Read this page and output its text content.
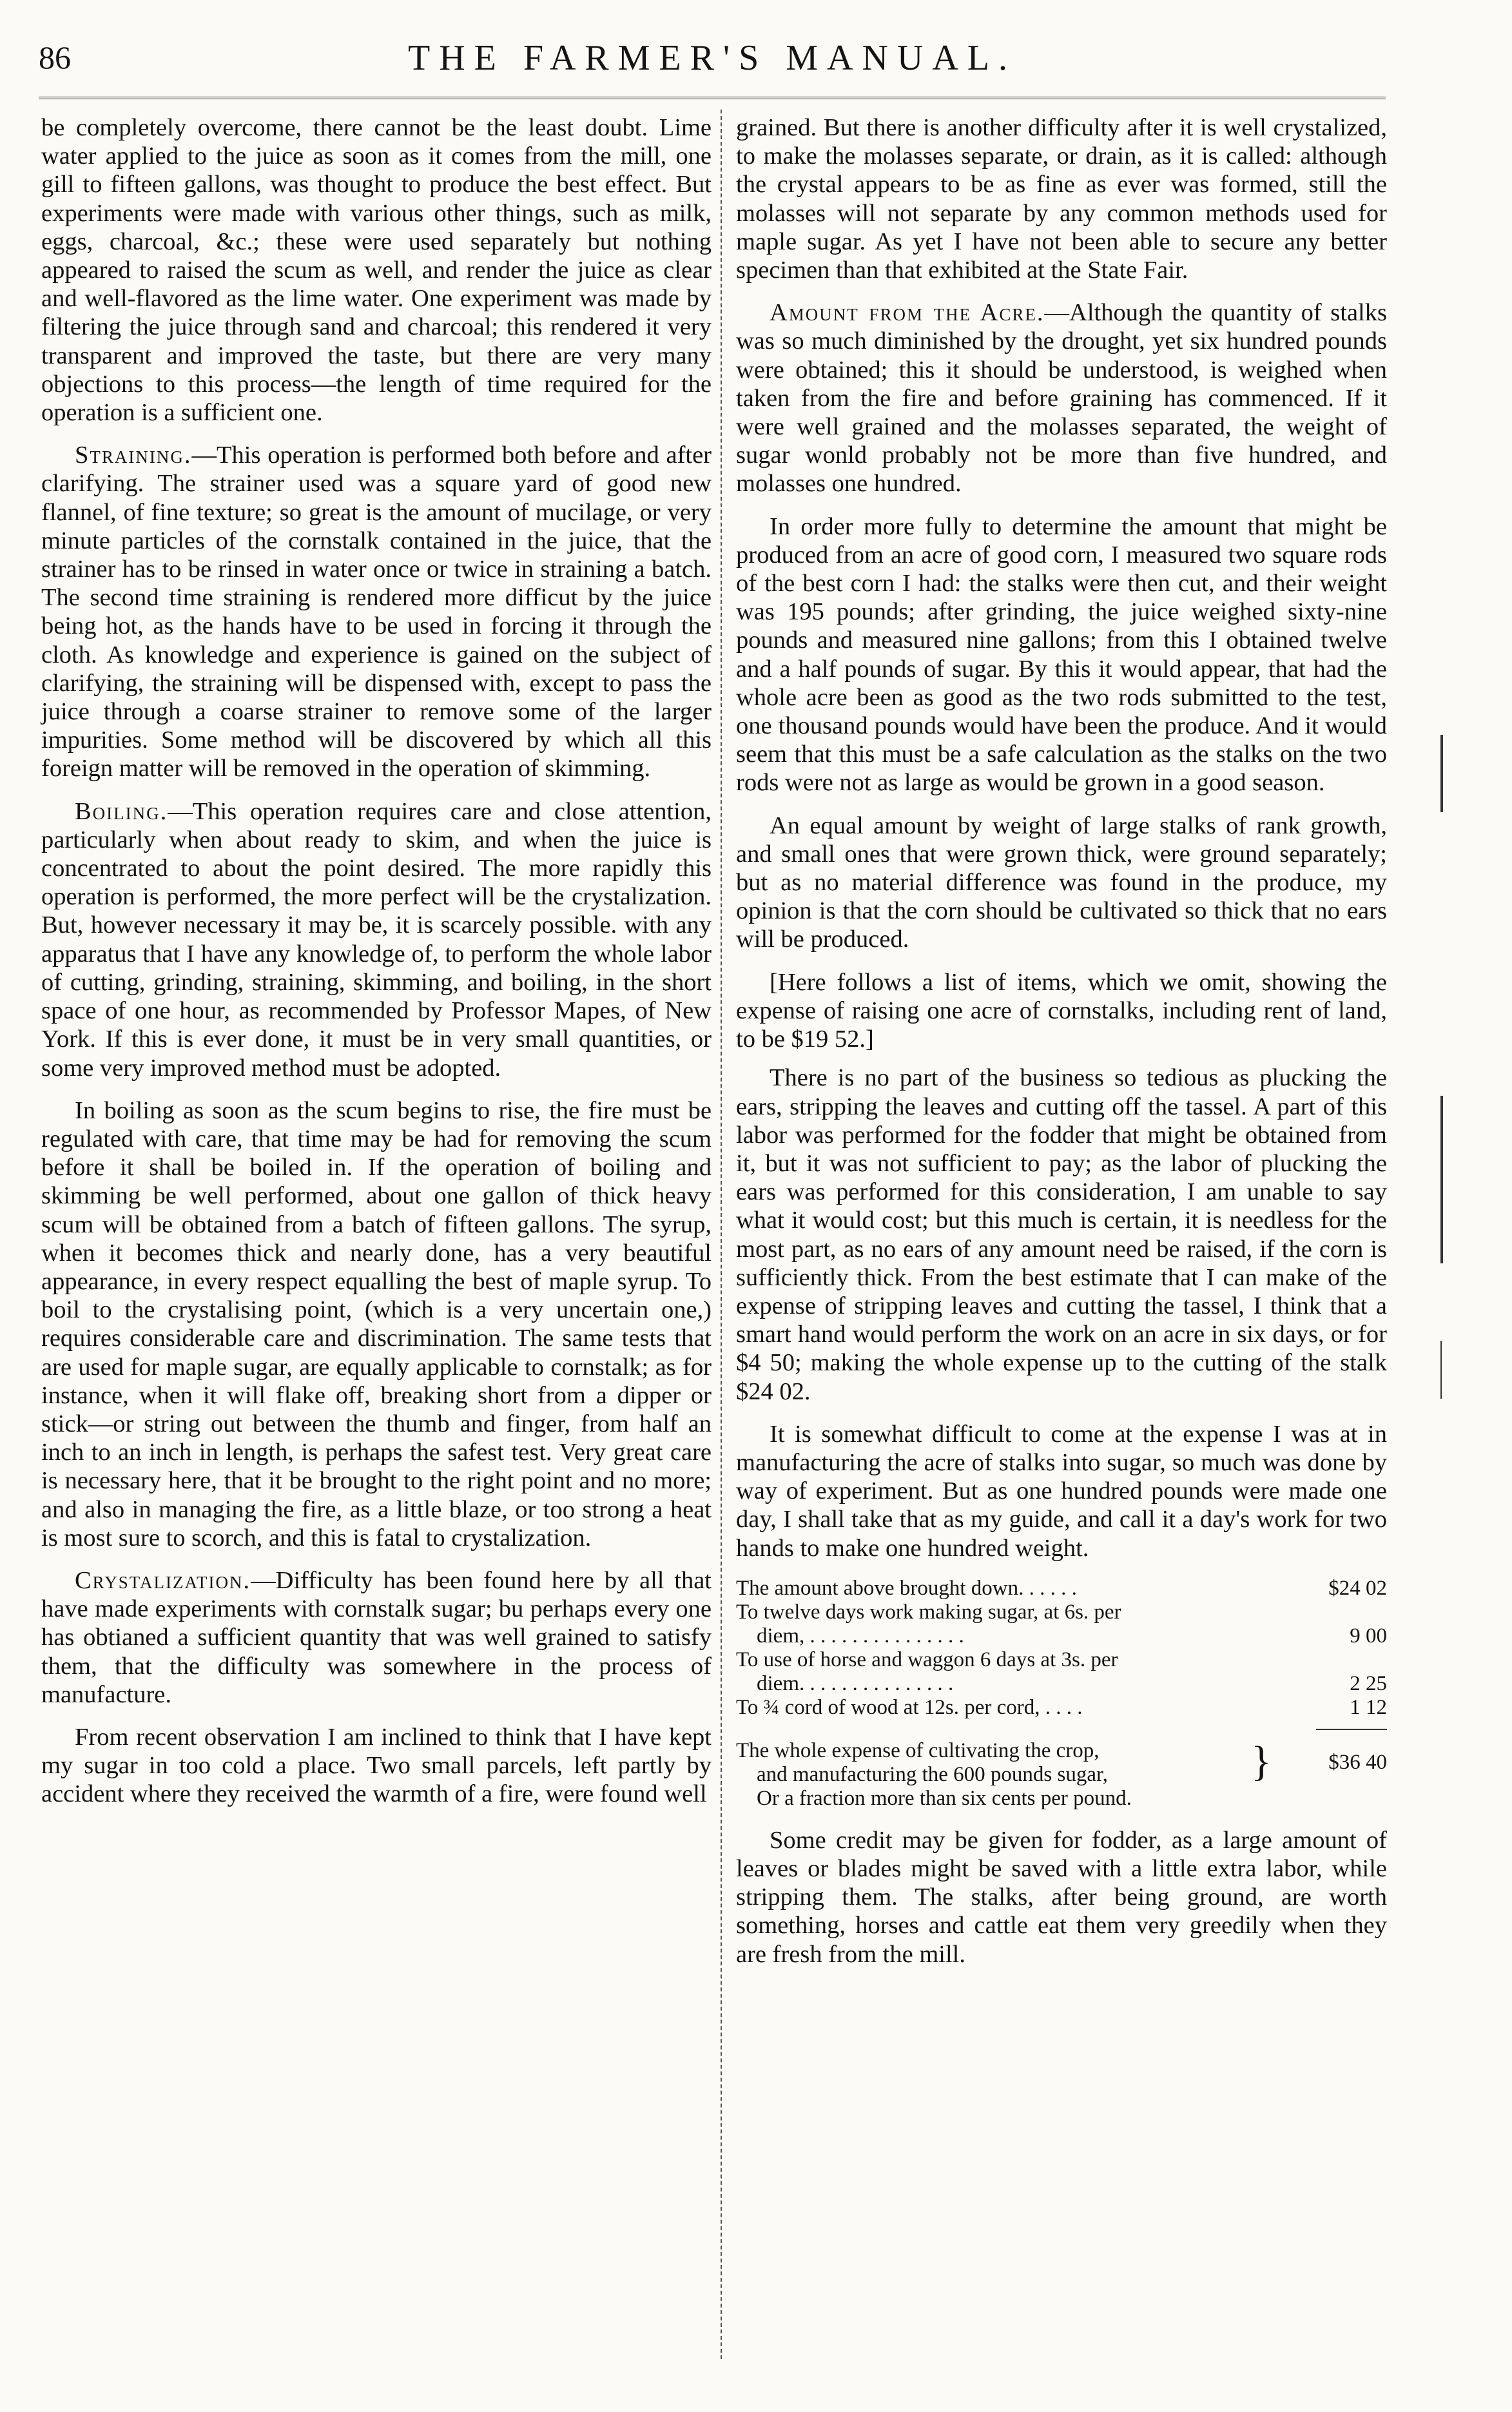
86	THE FARMER'S MANUAL.

be completely overcome, there cannot be the least doubt. Lime water applied to the juice as soon as it comes from the mill, one gill to fifteen gallons, was thought to produce the best effect. But experiments were made with various other things, such as milk, eggs, charcoal, &c.; these were used separately but nothing appeared to raised the scum as well, and render the juice as clear and well-flavored as the lime water. One experiment was made by filtering the juice through sand and charcoal; this rendered it very transparent and improved the taste, but there are very many objections to this process—the length of time required for the operation is a sufficient one.

Straining.—This operation is performed both before and after clarifying. The strainer used was a square yard of good new flannel, of fine texture; so great is the amount of mucilage, or very minute particles of the cornstalk contained in the juice, that the strainer has to be rinsed in water once or twice in straining a batch. The second time straining is rendered more difficut by the juice being hot, as the hands have to be used in forcing it through the cloth. As knowledge and experience is gained on the subject of clarifying, the straining will be dispensed with, except to pass the juice through a coarse strainer to remove some of the larger impurities. Some method will be discovered by which all this foreign matter will be removed in the operation of skimming.

Boiling.—This operation requires care and close attention, particularly when about ready to skim, and when the juice is concentrated to about the point desired. The more rapidly this operation is performed, the more perfect will be the crystalization. But, however necessary it may be, it is scarcely possible. with any apparatus that I have any knowledge of, to perform the whole labor of cutting, grinding, straining, skimming, and boiling, in the short space of one hour, as recommended by Professor Mapes, of New York. If this is ever done, it must be in very small quantities, or some very improved method must be adopted.

In boiling as soon as the scum begins to rise, the fire must be regulated with care, that time may be had for removing the scum before it shall be boiled in. If the operation of boiling and skimming be well performed, about one gallon of thick heavy scum will be obtained from a batch of fifteen gallons. The syrup, when it becomes thick and nearly done, has a very beautiful appearance, in every respect equalling the best of maple syrup. To boil to the crystalising point, (which is a very uncertain one,) requires considerable care and discrimination. The same tests that are used for maple sugar, are equally applicable to cornstalk; as for instance, when it will flake off, breaking short from a dipper or stick—or string out between the thumb and finger, from half an inch to an inch in length, is perhaps the safest test. Very great care is necessary here, that it be brought to the right point and no more; and also in managing the fire, as a little blaze, or too strong a heat is most sure to scorch, and this is fatal to crystalization.

Crystalization.—Difficulty has been found here by all that have made experiments with cornstalk sugar; bu perhaps every one has obtianed a sufficient quantity that was well grained to satisfy them, that the difficulty was somewhere in the process of manufacture.

From recent observation I am inclined to think that I have kept my sugar in too cold a place. Two small parcels, left partly by accident where they received the warmth of a fire, were found well

grained. But there is another difficulty after it is well crystalized, to make the molasses separate, or drain, as it is called: although the crystal appears to be as fine as ever was formed, still the molasses will not separate by any common methods used for maple sugar. As yet I have not been able to secure any better specimen than that exhibited at the State Fair.

Amount from the Acre.—Although the quantity of stalks was so much diminished by the drought, yet six hundred pounds were obtained; this it should be understood, is weighed when taken from the fire and before graining has commenced. If it were well grained and the molasses separated, the weight of sugar wonld probably not be more than five hundred, and molasses one hundred.

In order more fully to determine the amount that might be produced from an acre of good corn, I measured two square rods of the best corn I had: the stalks were then cut, and their weight was 195 pounds; after grinding, the juice weighed sixty-nine pounds and measured nine gallons; from this I obtained twelve and a half pounds of sugar. By this it would appear, that had the whole acre been as good as the two rods submitted to the test, one thousand pounds would have been the produce. And it would seem that this must be a safe calculation as the stalks on the two rods were not as large as would be grown in a good season.

An equal amount by weight of large stalks of rank growth, and small ones that were grown thick, were ground separately; but as no material difference was found in the produce, my opinion is that the corn should be cultivated so thick that no ears will be produced.

[Here follows a list of items, which we omit, showing the expense of raising one acre of cornstalks, including rent of land, to be $19 52.]

There is no part of the business so tedious as plucking the ears, stripping the leaves and cutting off the tassel. A part of this labor was performed for the fodder that might be obtained from it, but it was not sufficient to pay; as the labor of plucking the ears was performed for this consideration, I am unable to say what it would cost; but this much is certain, it is needless for the most part, as no ears of any amount need be raised, if the corn is sufficiently thick. From the best estimate that I can make of the expense of stripping leaves and cutting the tassel, I think that a smart hand would perform the work on an acre in six days, or for $4 50; making the whole expense up to the cutting of the stalk $24 02.

It is somewhat difficult to come at the expense I was at in manufacturing the acre of stalks into sugar, so much was done by way of experiment. But as one hundred pounds were made one day, I shall take that as my guide, and call it a day's work for two hands to make one hundred weight.

The amount above brought down. . . . . .	$24 02
To twelve days work making sugar, at 6s. per
diem, . . . . . . . . . . . . . . .	9 00
To use of horse and waggon 6 days at 3s. per
diem. . . . . . . . . . . . . . .	2 25
To ¾ cord of wood at 12s. per cord, . . . .	1 12
The whole expense of cultivating the crop,
and manufacturing the 600 pounds sugar,
Or a fraction more than six cents per pound.
}	$36 40

Some credit may be given for fodder, as a large amount of leaves or blades might be saved with a little extra labor, while stripping them. The stalks, after being ground, are worth something, horses and cattle eat them very greedily when they are fresh from the mill.
